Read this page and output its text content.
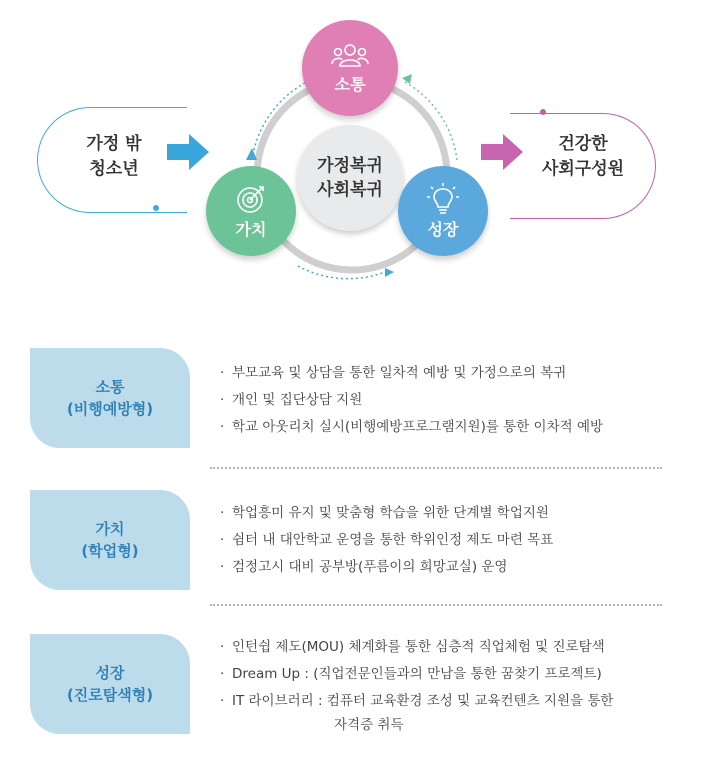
가정 밖
청소년	가정복귀
사회복귀
소통
가치	성장
건강한
사회구성원
소통
(비행예방형)
· 부모교육 및 상담을 통한 일차적 예방 및 가정으로의 복귀
· 개인 및 집단상담 지원
· 학교 아웃리치 실시(비행예방프로그램지원)를 통한 이차적 예방
가치
(학업형)
· 학업흥미 유지 및 맞춤형 학습을 위한 단계별 학업지원
· 쉼터 내 대안학교 운영을 통한 학위인정 제도 마련 목표
· 검정고시 대비 공부방(푸름이의 희망교실) 운영
성장
(진로탐색형)
· 인턴쉽 제도(MOU) 체계화를 통한 심층적 직업체험 및 진로탐색
· Dream Up : (직업전문인들과의 만남을 통한 꿈찾기 프로젝트)
· IT 라이브러리 : 컴퓨터 교육환경 조성 및 교육컨텐츠 지원을 통한
자격증 취득
